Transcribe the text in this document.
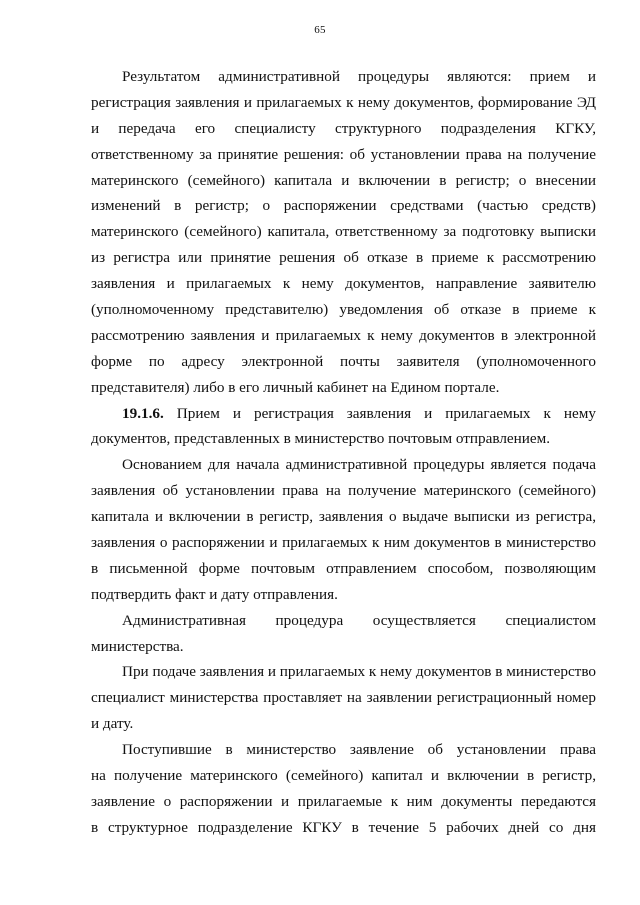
65
Результатом административной процедуры являются: прием и
регистрация заявления и прилагаемых к нему документов, формирование ЭД
и передача его специалисту структурного подразделения КГКУ,
ответственному за принятие решения: об установлении права на получение
материнского (семейного) капитала и включении в регистр; о внесении
изменений в регистр; о распоряжении средствами (частью средств)
материнского (семейного) капитала, ответственному за подготовку выписки
из регистра или принятие решения об отказе в приеме к рассмотрению
заявления и прилагаемых к нему документов, направление заявителю
(уполномоченному представителю) уведомления об отказе в приеме к
рассмотрению заявления и прилагаемых к нему документов в электронной
форме по адресу электронной почты заявителя (уполномоченного
представителя) либо в его личный кабинет на Едином портале.
19.1.6. Прием и регистрация заявления и прилагаемых к нему
документов, представленных в министерство почтовым отправлением.
Основанием для начала административной процедуры является подача
заявления об установлении права на получение материнского (семейного)
капитала и включении в регистр, заявления о выдаче выписки из регистра,
заявления о распоряжении и прилагаемых к ним документов в министерство
в письменной форме почтовым отправлением способом, позволяющим
подтвердить факт и дату отправления.
Административная процедура осуществляется специалистом
министерства.
При подаче заявления и прилагаемых к нему документов в министерство
специалист министерства проставляет на заявлении регистрационный номер
и дату.
Поступившие в министерство заявление об установлении права
на получение материнского (семейного) капитал и включении в регистр,
заявление о распоряжении и прилагаемые к ним документы передаются
в структурное подразделение КГКУ в течение 5 рабочих дней со дня
